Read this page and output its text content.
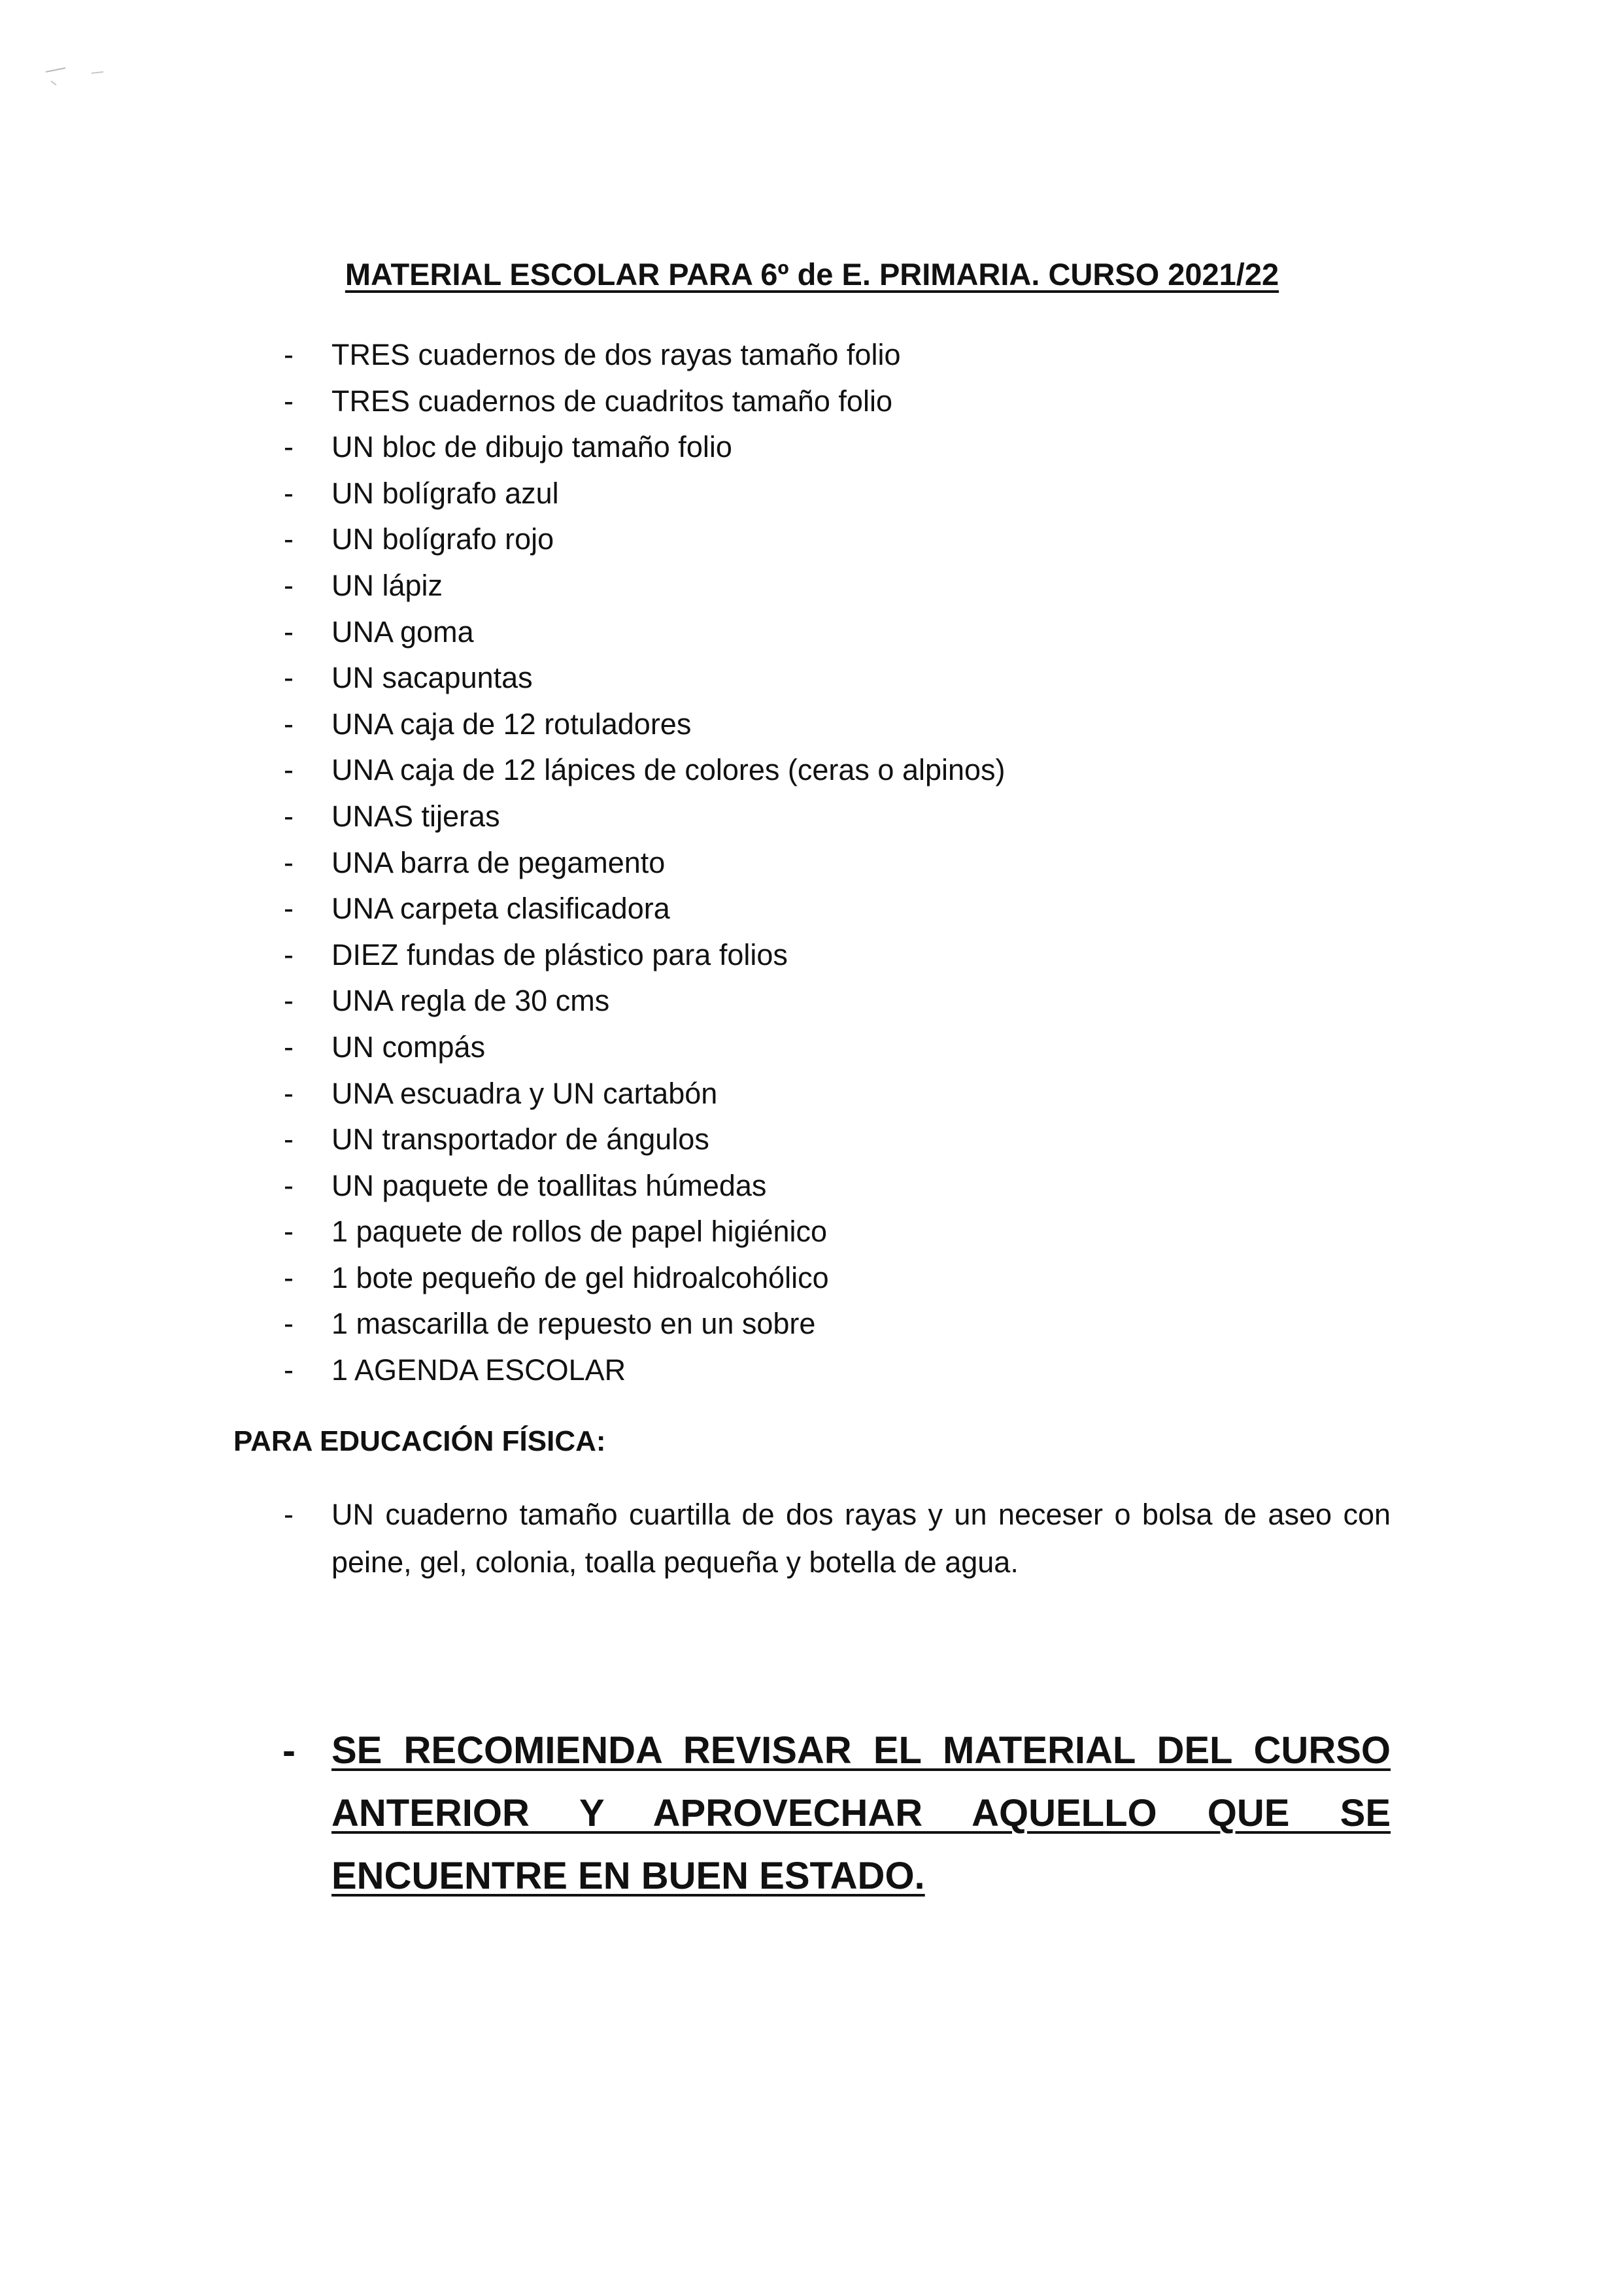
MATERIAL ESCOLAR PARA 6º de E. PRIMARIA. CURSO 2021/22
-	TRES cuadernos de dos rayas tamaño folio
-	TRES cuadernos de cuadritos tamaño folio
-	UN bloc de dibujo tamaño folio
-	UN bolígrafo azul
-	UN bolígrafo rojo
-	UN lápiz
-	UNA goma
-	UN sacapuntas
-	UNA caja de 12 rotuladores
-	UNA caja de 12 lápices de colores (ceras o alpinos)
-	UNAS tijeras
-	UNA barra de pegamento
-	UNA carpeta clasificadora
-	DIEZ fundas de plástico para folios
-	UNA regla de 30 cms
-	UN compás
-	UNA escuadra y UN cartabón
-	UN transportador de ángulos
-	UN paquete de toallitas húmedas
-	1 paquete de rollos de papel higiénico
-	1 bote pequeño de gel hidroalcohólico
-	1 mascarilla de repuesto en un sobre
-	1 AGENDA ESCOLAR
PARA EDUCACIÓN FÍSICA:
-	UN cuaderno tamaño cuartilla de dos rayas y un neceser o bolsa de aseo con peine, gel, colonia, toalla pequeña y botella de agua.
- SE RECOMIENDA REVISAR EL MATERIAL DEL CURSO ANTERIOR Y APROVECHAR AQUELLO QUE SE ENCUENTRE EN BUEN ESTADO.
